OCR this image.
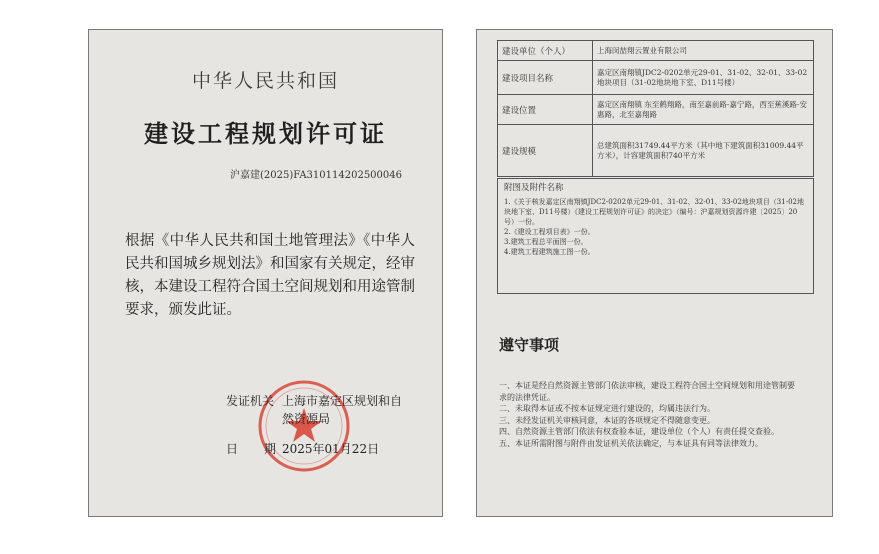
中华人民共和国
建设工程规划许可证
沪嘉建(2025)FA310114202500046
根据《中华人民共和国土地管理法》《中华人民共和国城乡规划法》和国家有关规定，经审核，本建设工程符合国土空间规划和用途管制要求，颁发此证。
发证机关 上海市嘉定区规划和自然资源局
日期
2025年01月22日
建设单位（个人）	上海闵喆翔云置业有限公司
建设项目名称	嘉定区南翔镇JDC2-0202单元29-01、31-02、32-01、33-02地块项目（31-02地块地下室、D11号楼）
建设位置	嘉定区南翔镇 东至鹤翔路，南至嘉前路-嘉宁路，西至蕉溪路-安惠路，北至嘉翔路
建设规模	总建筑面积31749.44平方米（其中地下建筑面积31009.44平方米），计容建筑面积740平方米
附图及附件名称

1.《关于核发嘉定区南翔镇JDC2-0202单元29-01、31-02、32-01、33-02地块项目（31-02地块地下室、D11号楼）《建设工程规划许可证》的决定》（编号：沪嘉规划资源许建〔2025〕20号）一份。

2.《建设工程项目表》一份。

3.建筑工程总平面图一份。

4.建筑工程建筑施工图一份。

遵守事项

一、本证是经自然资源主管部门依法审核，建设工程符合国土空间规划和用途管制要求的法律凭证。

二、未取得本证或不按本证规定进行建设的，均属违法行为。

三、未经发证机关审核同意，本证的各项规定不得随意变更。

四、自然资源主管部门依法有权查验本证，建设单位（个人）有责任提交查验。

五、本证所需附图与附件由发证机关依法确定，与本证具有同等法律效力。
